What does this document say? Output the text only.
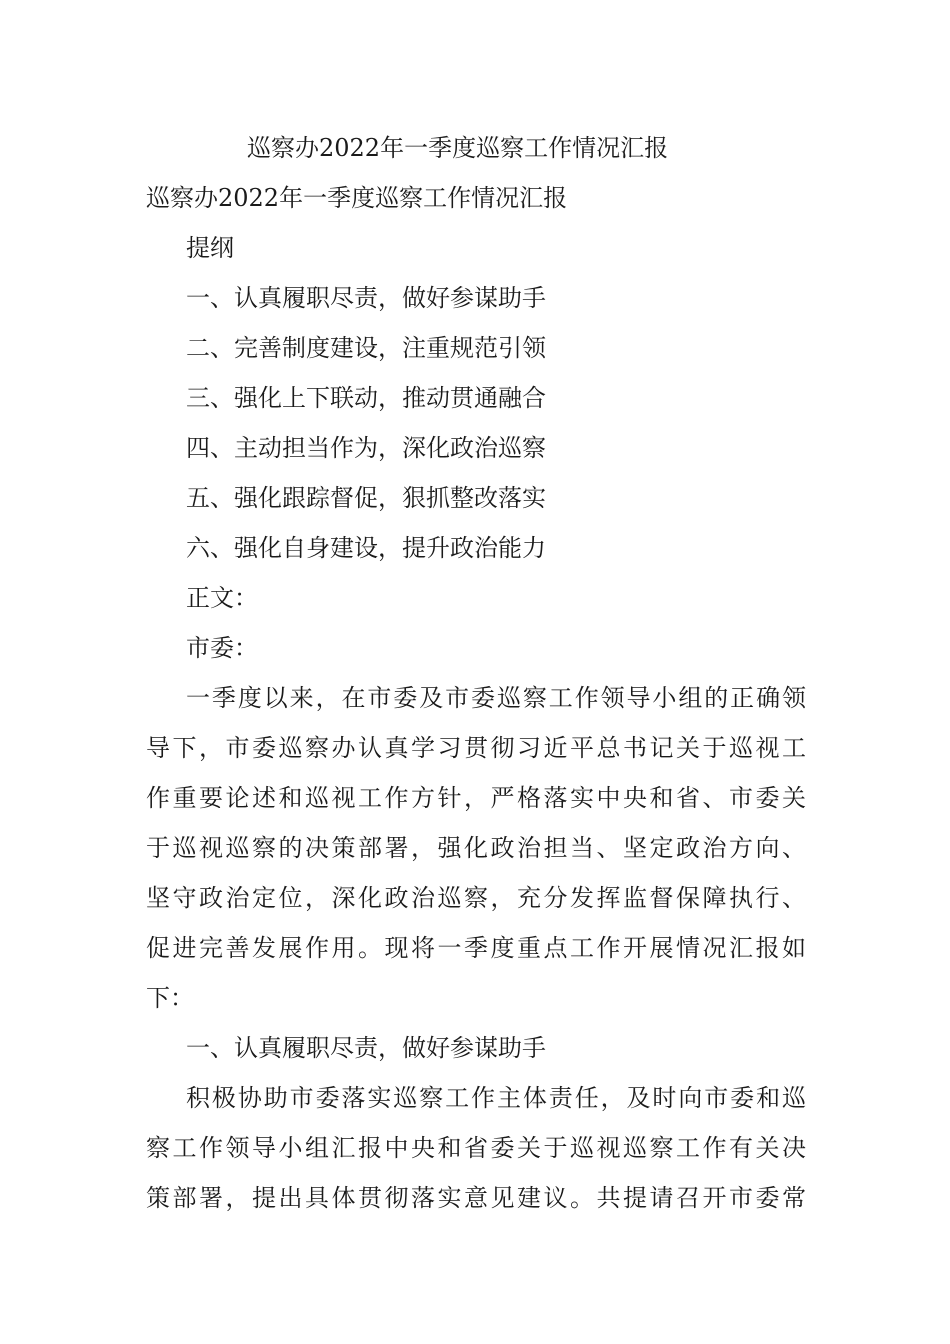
巡察办2022年一季度巡察工作情况汇报
巡察办2022年一季度巡察工作情况汇报
提纲
一、认真履职尽责，做好参谋助手
二、完善制度建设，注重规范引领
三、强化上下联动，推动贯通融合
四、主动担当作为，深化政治巡察
五、强化跟踪督促，狠抓整改落实
六、强化自身建设，提升政治能力
正文：
市委：
一季度以来，在市委及市委巡察工作领导小组的正确领
导下，市委巡察办认真学习贯彻习近平总书记关于巡视工
作重要论述和巡视工作方针，严格落实中央和省、市委关
于巡视巡察的决策部署，强化政治担当、坚定政治方向、
坚守政治定位，深化政治巡察，充分发挥监督保障执行、
促进完善发展作用。现将一季度重点工作开展情况汇报如
下：
一、认真履职尽责，做好参谋助手
积极协助市委落实巡察工作主体责任，及时向市委和巡
察工作领导小组汇报中央和省委关于巡视巡察工作有关决
策部署，提出具体贯彻落实意见建议。共提请召开市委常
